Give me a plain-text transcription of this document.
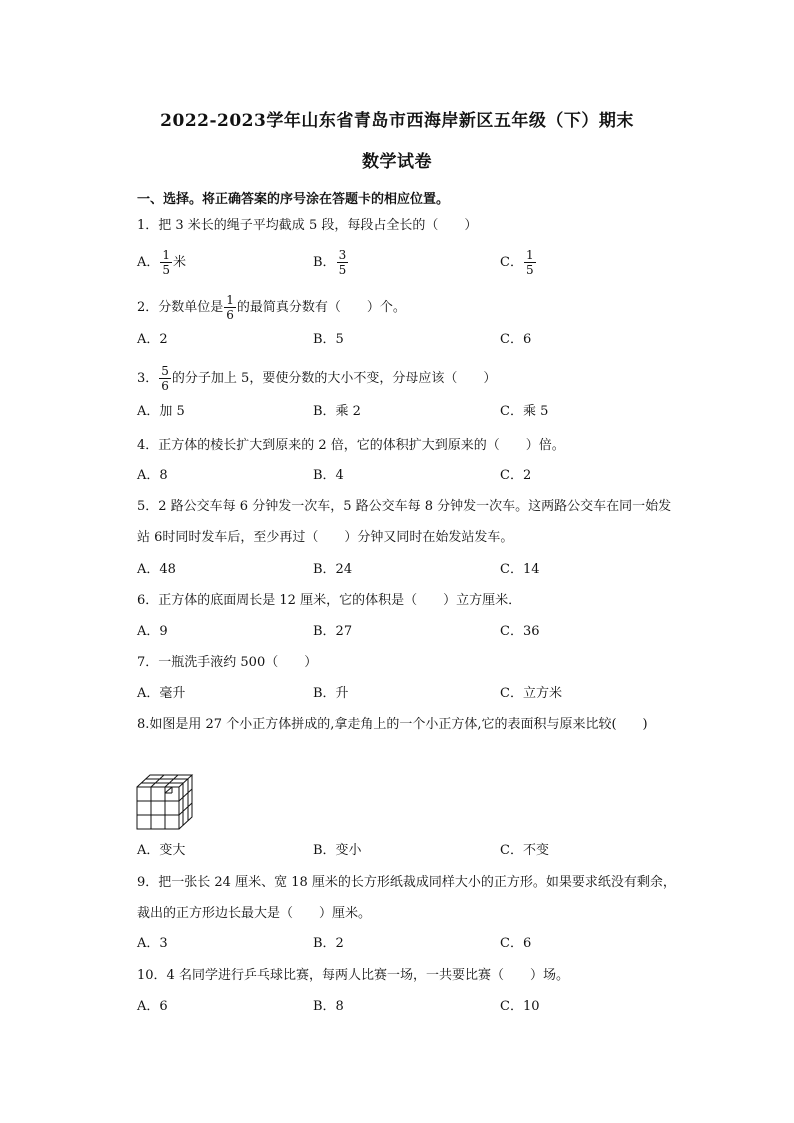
2022-2023学年山东省青岛市西海岸新区五年级（下）期末
数学试卷
一、选择。将正确答案的序号涂在答题卡的相应位置。
1．把 3 米长的绳子平均截成 5 段，每段占全长的（　　）
A． $\frac{1}{5}$ 米	B． $\frac{3}{5}$	C． $\frac{1}{5}$
2．分数单位是 $\frac{1}{6}$ 的最简真分数有（　　）个。
A．2	B．5	C．6
3． $\frac{5}{6}$ 的分子加上 5，要使分数的大小不变，分母应该（　　）
A．加 5	B．乘 2	C．乘 5
4．正方体的棱长扩大到原来的 2 倍，它的体积扩大到原来的（　　）倍。
A．8	B．4	C．2
5．2 路公交车每 6 分钟发一次车，5 路公交车每 8 分钟发一次车。这两路公交车在同一始发
站 6时同时发车后，至少再过（　　）分钟又同时在始发站发车。
A．48	B．24	C．14
6．正方体的底面周长是 12 厘米，它的体积是（　　）立方厘米．
A．9	B．27	C．36
7．一瓶洗手液约 500（　　）
A．毫升	B．升	C．立方米
8.如图是用 27 个小正方体拼成的,拿走角上的一个小正方体,它的表面积与原来比较(　　)
A．变大	B．变小	C．不变
9．把一张长 24 厘米、宽 18 厘米的长方形纸裁成同样大小的正方形。如果要求纸没有剩余，
裁出的正方形边长最大是（　　）厘米。
A．3	B．2	C．6
10．4 名同学进行乒乓球比赛，每两人比赛一场，一共要比赛（　　）场。
A．6	B．8	C．10
